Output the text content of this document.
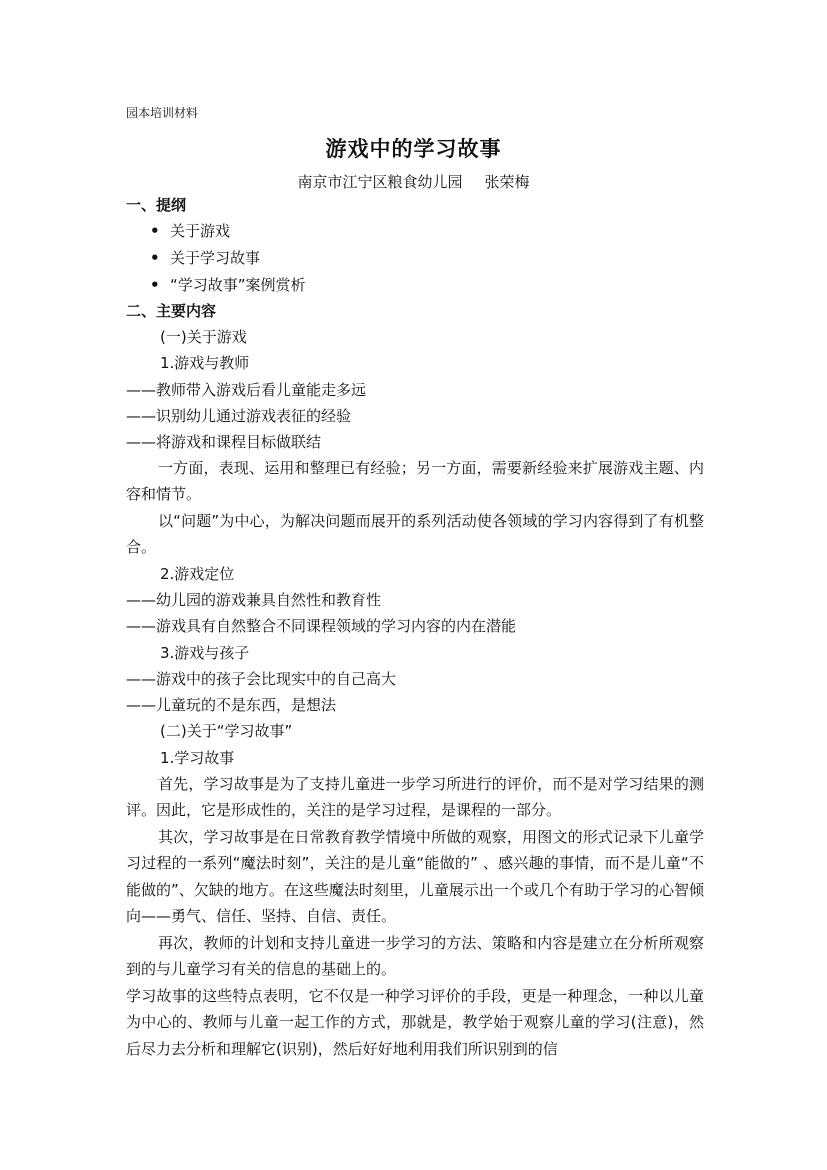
园本培训材料
游戏中的学习故事
南京市江宁区粮食幼儿园 张荣梅
一、提纲
• 关于游戏
• 关于学习故事
• “学习故事”案例赏析
二、主要内容
(一)关于游戏
1.游戏与教师
——教师带入游戏后看儿童能走多远
——识别幼儿通过游戏表征的经验
——将游戏和课程目标做联结
一方面，表现、运用和整理已有经验；另一方面，需要新经验来扩展游戏主题、内容和情节。
以“问题”为中心，为解决问题而展开的系列活动使各领域的学习内容得到了有机整合。
2.游戏定位
——幼儿园的游戏兼具自然性和教育性
——游戏具有自然整合不同课程领域的学习内容的内在潜能
3.游戏与孩子
——游戏中的孩子会比现实中的自己高大
——儿童玩的不是东西，是想法
(二)关于“学习故事”
1.学习故事
首先，学习故事是为了支持儿童进一步学习所进行的评价，而不是对学习结果的测评。因此，它是形成性的，关注的是学习过程，是课程的一部分。
其次，学习故事是在日常教育教学情境中所做的观察，用图文的形式记录下儿童学习过程的一系列“魔法时刻”，关注的是儿童“能做的” 、感兴趣的事情，而不是儿童“不能做的”、欠缺的地方。在这些魔法时刻里，儿童展示出一个或几个有助于学习的心智倾向——勇气、信任、坚持、自信、责任。
再次，教师的计划和支持儿童进一步学习的方法、策略和内容是建立在分析所观察到的与儿童学习有关的信息的基础上的。
学习故事的这些特点表明，它不仅是一种学习评价的手段，更是一种理念，一种以儿童为中心的、教师与儿童一起工作的方式，那就是，教学始于观察儿童的学习(注意)，然后尽力去分析和理解它(识别)，然后好好地利用我们所识别到的信
